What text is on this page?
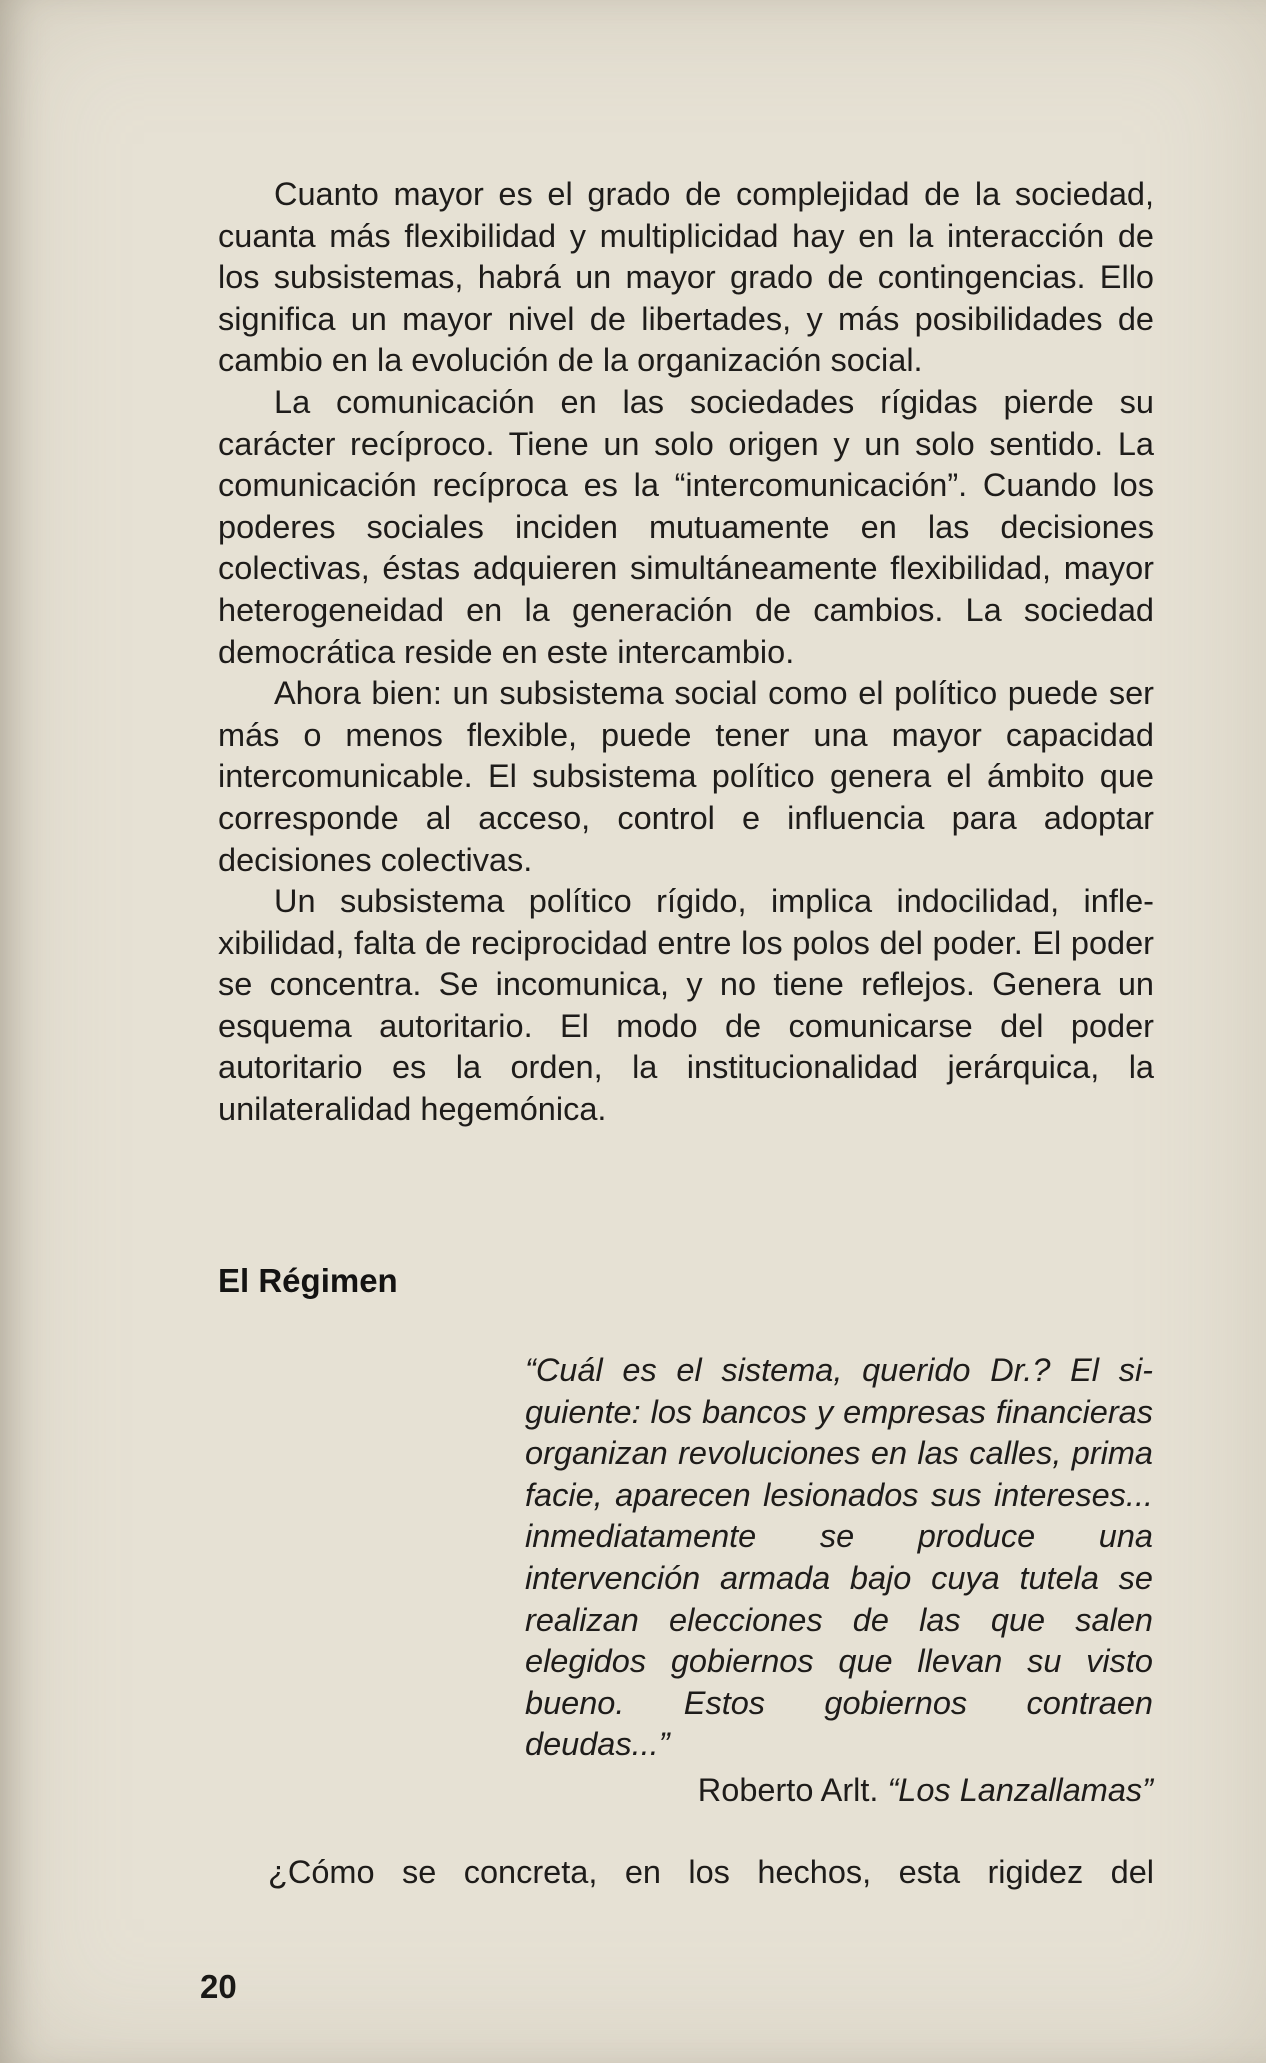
Cuanto mayor es el grado de complejidad de la sociedad, cuanta más flexibilidad y multiplicidad hay en la interacción de los subsistemas, habrá un mayor grado de contingencias. Ello significa un mayor nivel de libertades, y más posibilidades de cambio en la evolución de la organización social.

La comunicación en las sociedades rígidas pierde su carácter recíproco. Tiene un solo origen y un solo sentido. La comunicación recíproca es la “intercomunicación”. Cuando los poderes sociales inciden mutuamente en las decisiones colectivas, éstas adquieren simultáneamente flexibilidad, mayor heterogeneidad en la generación de cambios. La sociedad democrática reside en este intercambio.

Ahora bien: un subsistema social como el político puede ser más o menos flexible, puede tener una mayor capacidad intercomunicable. El subsistema político genera el ámbito que corresponde al acceso, control e influencia para adoptar decisiones colectivas.

Un subsistema político rígido, implica indocilidad, inflexibilidad, falta de reciprocidad entre los polos del poder. El poder se concentra. Se incomunica, y no tiene reflejos. Genera un esquema autoritario. El modo de comunicarse del poder autoritario es la orden, la institucionalidad jerárquica, la unilateralidad hegemónica.

El Régimen

“Cuál es el sistema, querido Dr.? El siguiente: los bancos y empresas financieras organizan revoluciones en las calles, prima facie, aparecen lesionados sus intereses... inmediatamente se produce una intervención armada bajo cuya tutela se realizan elecciones de las que salen elegidos gobiernos que llevan su visto bueno. Estos gobiernos contraen deudas...”

Roberto Arlt. “Los Lanzallamas”

¿Cómo se concreta, en los hechos, esta rigidez del

20
